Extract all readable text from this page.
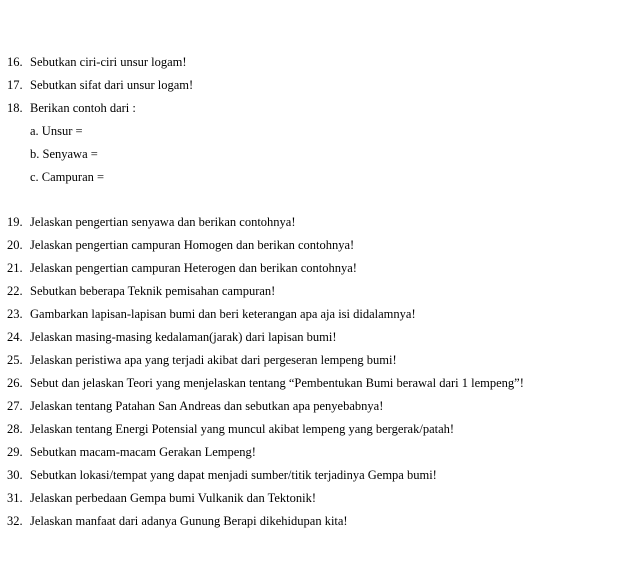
16. Sebutkan ciri-ciri unsur logam!
17. Sebutkan sifat dari unsur logam!
18. Berikan contoh dari :
a. Unsur =
b. Senyawa =
c. Campuran =
19. Jelaskan pengertian senyawa dan berikan contohnya!
20. Jelaskan pengertian campuran Homogen dan berikan contohnya!
21. Jelaskan pengertian campuran Heterogen dan berikan contohnya!
22. Sebutkan beberapa Teknik pemisahan campuran!
23. Gambarkan lapisan-lapisan bumi dan beri keterangan apa aja isi didalamnya!
24. Jelaskan masing-masing kedalaman(jarak) dari lapisan bumi!
25. Jelaskan peristiwa apa yang terjadi akibat dari pergeseran lempeng bumi!
26. Sebut dan jelaskan Teori yang menjelaskan tentang “Pembentukan Bumi berawal dari 1 lempeng”!
27. Jelaskan tentang Patahan San Andreas dan sebutkan apa penyebabnya!
28. Jelaskan tentang Energi Potensial yang muncul akibat lempeng yang bergerak/patah!
29. Sebutkan macam-macam Gerakan Lempeng!
30. Sebutkan lokasi/tempat yang dapat menjadi sumber/titik terjadinya Gempa bumi!
31. Jelaskan perbedaan Gempa bumi Vulkanik dan Tektonik!
32. Jelaskan manfaat dari adanya Gunung Berapi dikehidupan kita!
